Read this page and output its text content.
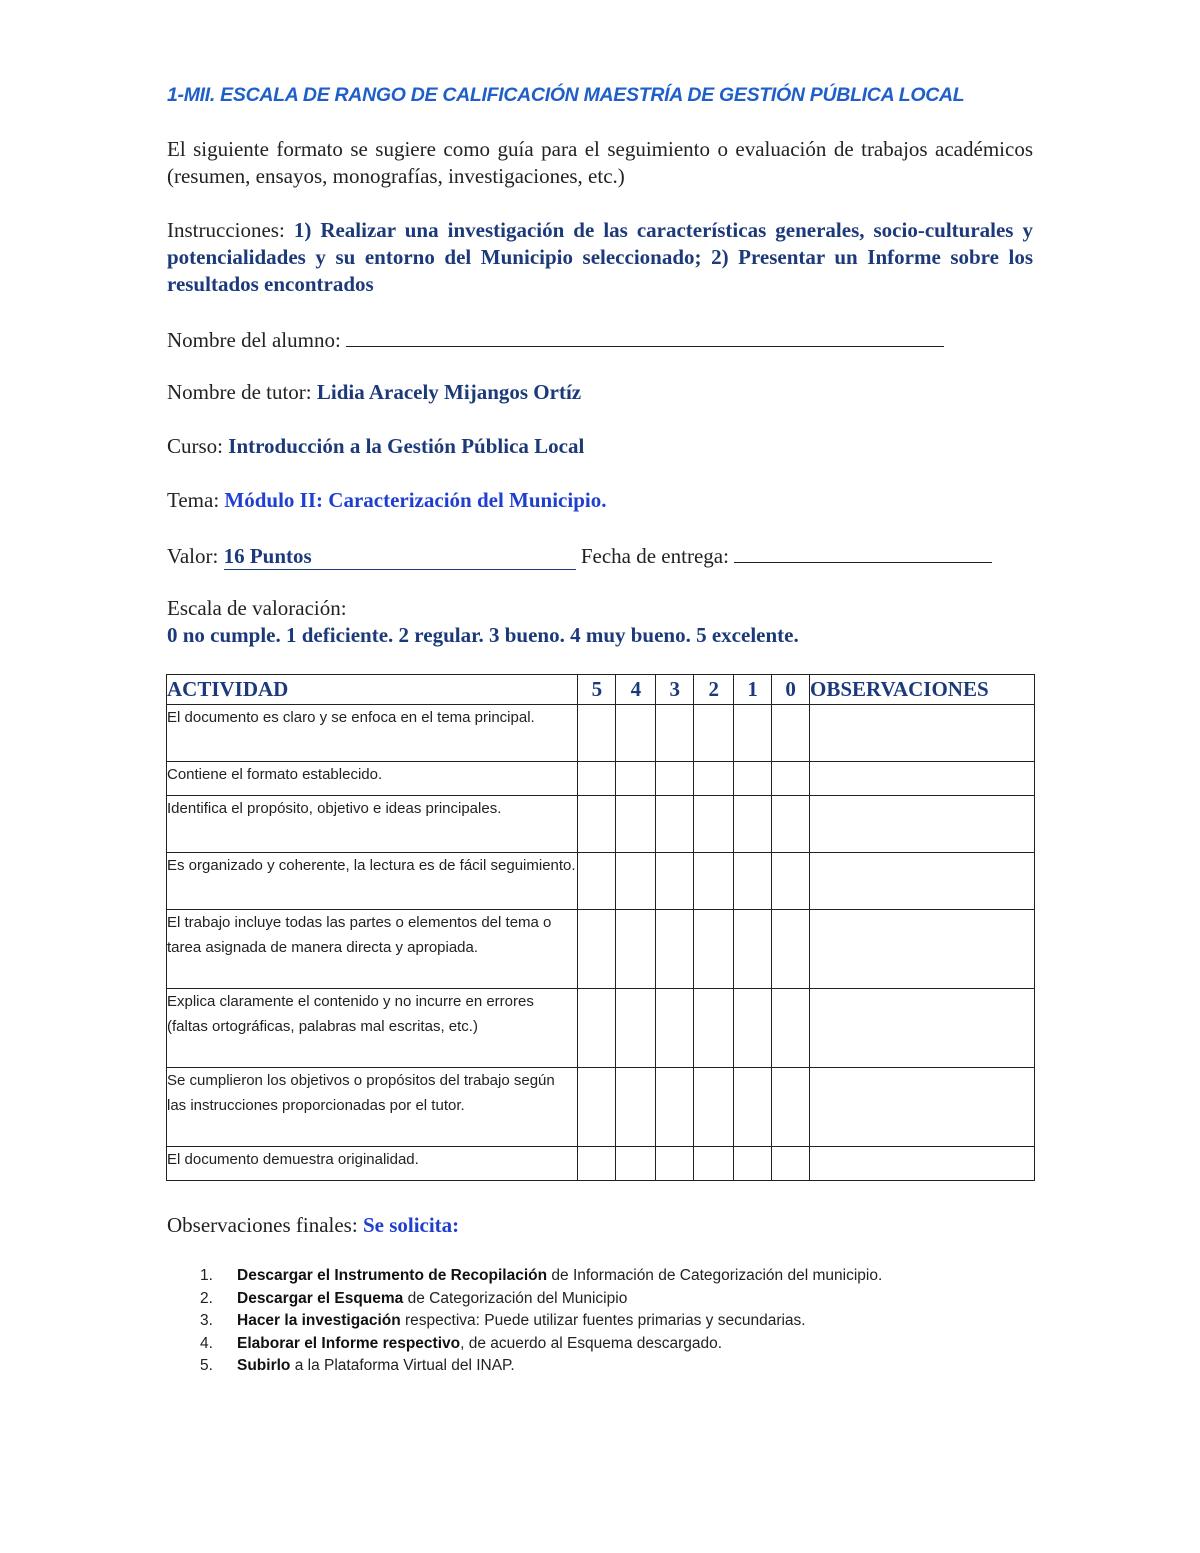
1-MII. ESCALA DE RANGO DE CALIFICACIÓN MAESTRÍA DE GESTIÓN PÚBLICA LOCAL
El siguiente formato se sugiere como guía para el seguimiento o evaluación de trabajos académicos (resumen, ensayos, monografías, investigaciones, etc.)
Instrucciones: 1) Realizar una investigación de las características generales, socio-culturales y potencialidades y su entorno del Municipio seleccionado; 2) Presentar un Informe sobre los resultados encontrados
Nombre del alumno:
Nombre de tutor: Lidia Aracely Mijangos Ortíz
Curso: Introducción a la Gestión Pública Local
Tema: Módulo II: Caracterización del Municipio.
Valor: 16 Puntos	Fecha de entrega:
Escala de valoración:
0 no cumple. 1 deficiente. 2 regular. 3 bueno. 4 muy bueno. 5 excelente.
ACTIVIDAD	5	4	3	2	1	0	OBSERVACIONES
El documento es claro y se enfoca en el tema principal.							
Contiene el formato establecido.							
Identifica el propósito, objetivo e ideas principales.							
Es organizado y coherente, la lectura es de fácil seguimiento.							
El trabajo incluye todas las partes o elementos del tema o tarea asignada de manera directa y apropiada.							
Explica claramente el contenido y no incurre en errores (faltas ortográficas, palabras mal escritas, etc.)							
Se cumplieron los objetivos o propósitos del trabajo según las instrucciones proporcionadas por el tutor.							
El documento demuestra originalidad.							
Observaciones finales: Se solicita:
1. Descargar el Instrumento de Recopilación de Información de Categorización del municipio.
2. Descargar el Esquema de Categorización del Municipio
3. Hacer la investigación respectiva: Puede utilizar fuentes primarias y secundarias.
4. Elaborar el Informe respectivo, de acuerdo al Esquema descargado.
5. Subirlo a la Plataforma Virtual del INAP.
